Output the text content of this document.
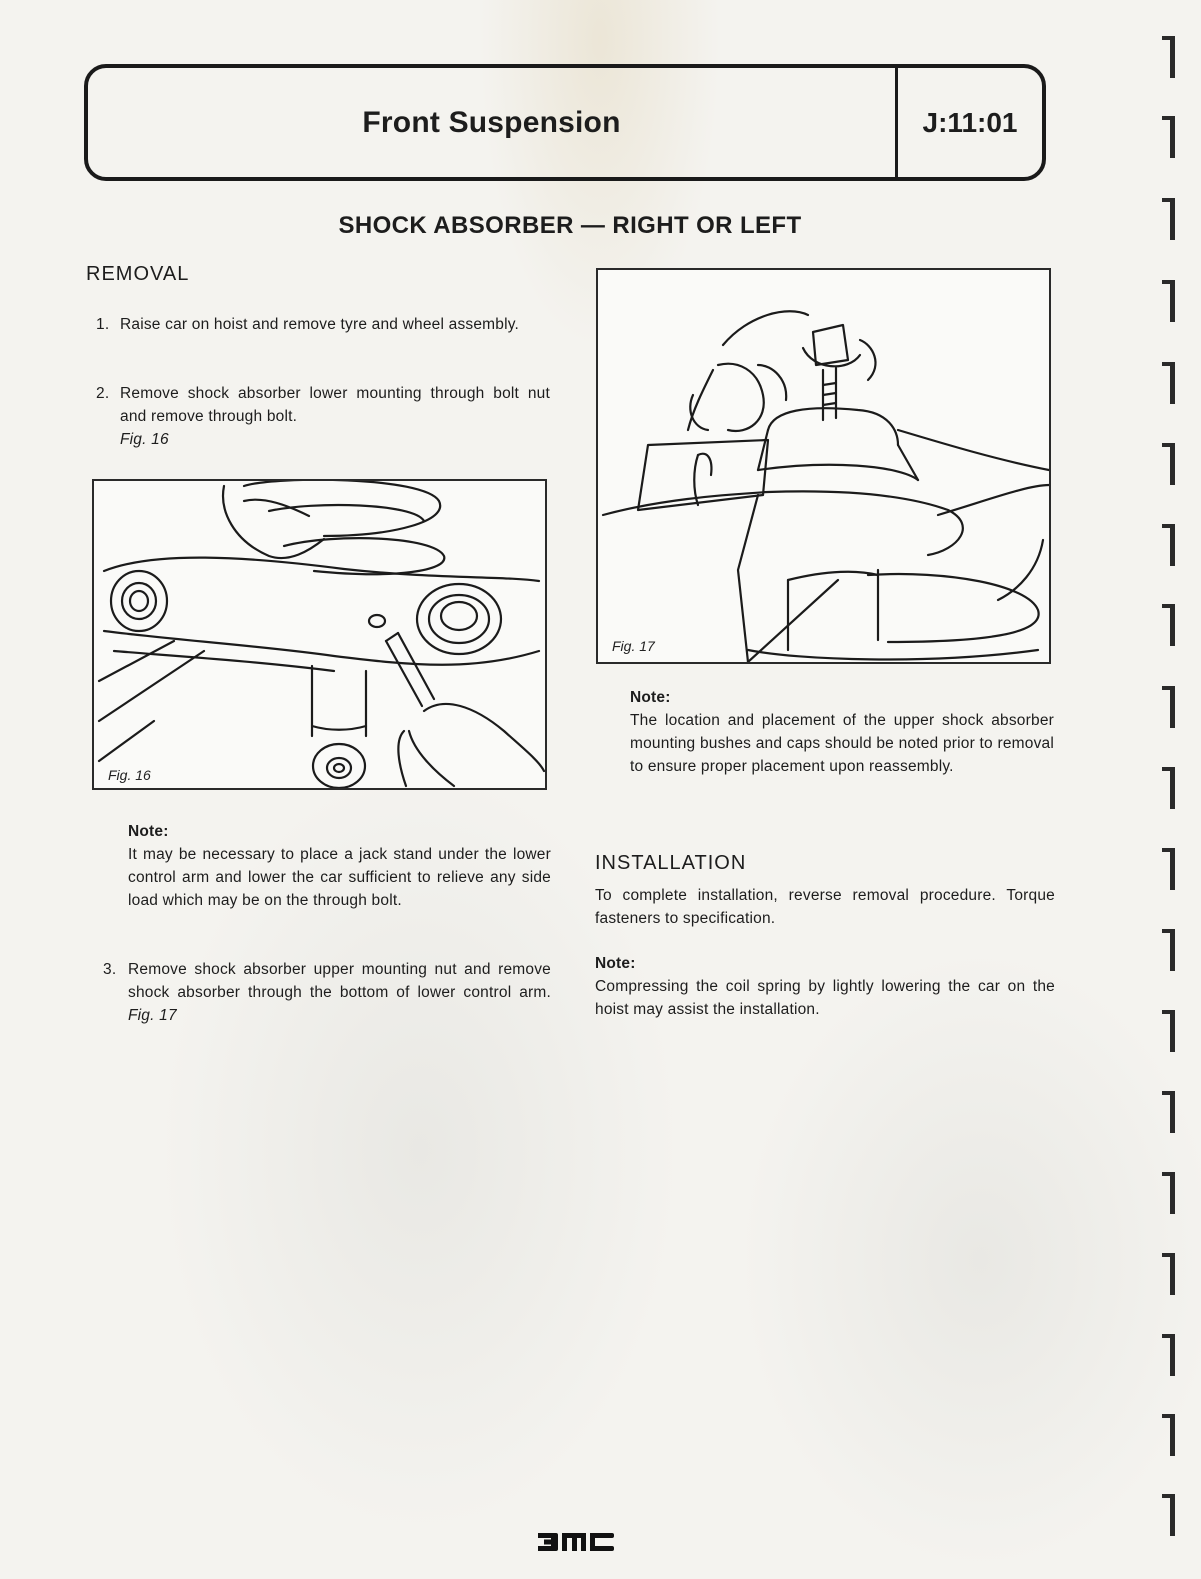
Front Suspension	J:11:01
SHOCK ABSORBER — RIGHT OR LEFT
REMOVAL
1. Raise car on hoist and remove tyre and wheel assembly.
2. Remove shock absorber lower mounting through bolt nut and remove through bolt.
Fig. 16
Fig. 16
Note:
It may be necessary to place a jack stand under the lower control arm and lower the car sufficient to relieve any side load which may be on the through bolt.
3. Remove shock absorber upper mounting nut and remove shock absorber through the bottom of lower control arm. Fig. 17
Fig. 17
Note:
The location and placement of the upper shock absorber mounting bushes and caps should be noted prior to removal to ensure proper placement upon reassembly.
INSTALLATION
To complete installation, reverse removal procedure. Torque fasteners to specification.
Note:
Compressing the coil spring by lightly lowering the car on the hoist may assist the installation.
